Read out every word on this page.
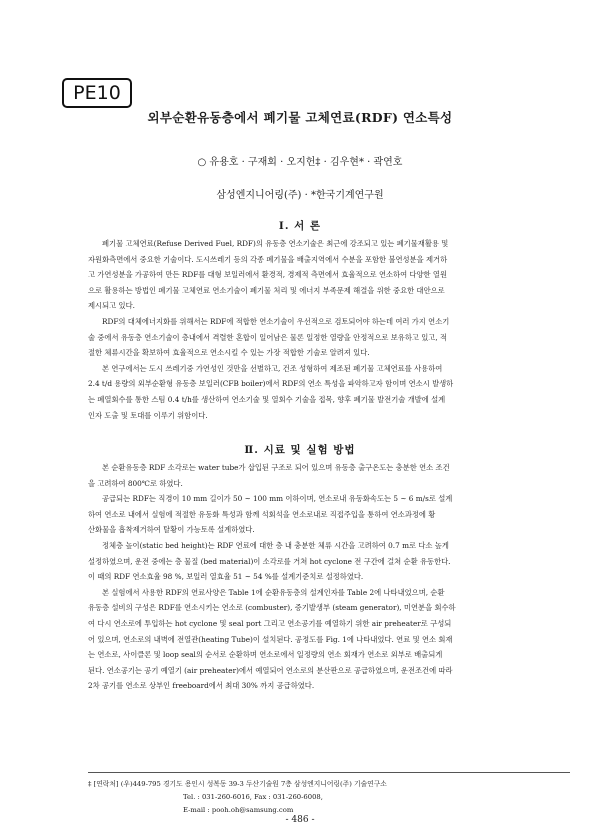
PE10
외부순환유동층에서 폐기물 고체연료(RDF) 연소특성
○ 유용호 · 구재회 · 오지헌‡ · 김우현* · 곽연호
삼성엔지니어링(주) · *한국기계연구원
Ⅰ. 서 론

폐기물 고체연료(Refuse Derived Fuel, RDF)의 유동층 연소기술은 최근에 강조되고 있는 폐기물재활용 및

자원화측면에서 중요한 기술이다. 도시쓰레기 등의 각종 폐기물을 배출지역에서 수분을 포함한 불연성분을 제거하

고 가연성분을 가공하여 만든 RDF를 대형 보일러에서 환경적, 경제적 측면에서 효율적으로 연소하여 다양한 열원

으로 활용하는 방법인 폐기물 고체연료 연소기술이 폐기물 처리 및 에너지 부족문제 해결을 위한 중요한 대안으로

제시되고 있다.

RDF의 대체에너지화를 위해서는 RDF에 적합한 연소기술이 우선적으로 검토되어야 하는데 여러 가지 연소기

술 중에서 유동층 연소기술이 층내에서 격렬한 혼합이 일어남은 물론 일정한 열량을 안정적으로 보유하고 있고, 적

절한 체류시간을 확보하여 효율적으로 연소시킬 수 있는 가장 적합한 기술로 알려져 있다.

본 연구에서는 도시 쓰레기중 가연성인 것만을 선별하고, 건조 성형하여 제조된 폐기물 고체연료를 사용하여

2.4 t/d 용량의 외부순환형 유동층 보일러(CFB boiler)에서 RDF의 연소 특성을 파악하고자 함이며 연소시 발생하

는 폐열회수를 통한 스팀 0.4 t/h를 생산하여 연소기술 및 열회수 기술을 접목, 향후 폐기물 발전기술 개발에 설계

인자 도출 및 토대를 이루기 위함이다.

Ⅱ. 시료 및 실험 방법

본 순환유동층 RDF 소각로는 water tube가 삽입된 구조로 되어 있으며 유동층 출구온도는 충분한 연소 조건

을 고려하여 800℃로 하였다.

공급되는 RDF는 직경이 10 mm 길이가 50 ~ 100 mm 이하이며, 연소로내 유동화속도는 5 ~ 6 m/s로 설계

하여 연소로 내에서 실험에 적절한 유동화 특성과 함께 석회석을 연소로내로 직접주입을 통하여 연소과정에 황

산화물을 흡착제거하여 탈황이 가능토록 설계하였다.

정체층 높이(static bed height)는 RDF 연료에 대한 층 내 충분한 체류 시간을 고려하여 0.7 m로 다소 높게

설정하였으며, 운전 중에는 층 물질 (bed material)이 소각로를 거쳐 hot cyclone 전 구간에 걸쳐 순환 유동한다.

이 때의 RDF 연소효율 98 %, 보일러 열효율 51 ~ 54 %를 설계기준치로 설정하였다.

본 실험에서 사용한 RDF의 연료사양은 Table 1에 순환유동층의 설계인자를 Table 2에 나타내었으며, 순환

유동층 설비의 구성은 RDF를 연소시키는 연소로 (combuster), 증기발생부 (steam generator), 미연분을 회수하

여 다시 연소로에 투입하는 hot cyclone 및 seal port 그리고 연소공기를 예열하기 위한 air preheater로 구성되

어 있으며, 연소로의 내벽에 전열관(heating Tube)이 설치된다. 공정도를 Fig. 1에 나타내었다. 연료 및 연소 회재

는 연소로, 사이클론 및 loop seal의 순서로 순환하며 연소로에서 일정량의 연소 회재가 연소로 외부로 배출되게

된다. 연소공기는 공기 예열기 (air preheater)에서 예열되어 연소로의 분산판으로 공급하였으며, 운전조건에 따라

2차 공기를 연소로 상부인 freeboard에서 최대 30% 까지 공급하였다.

‡ [연락처] (우)449-795 경기도 용인시 성복동 39-3 두산기술원 7층 삼성엔지니어링(주) 기술연구소
Tel. : 031-260-6016, Fax : 031-260-6008,
E-mail : pooh.oh@samsung.com
- 486 -
